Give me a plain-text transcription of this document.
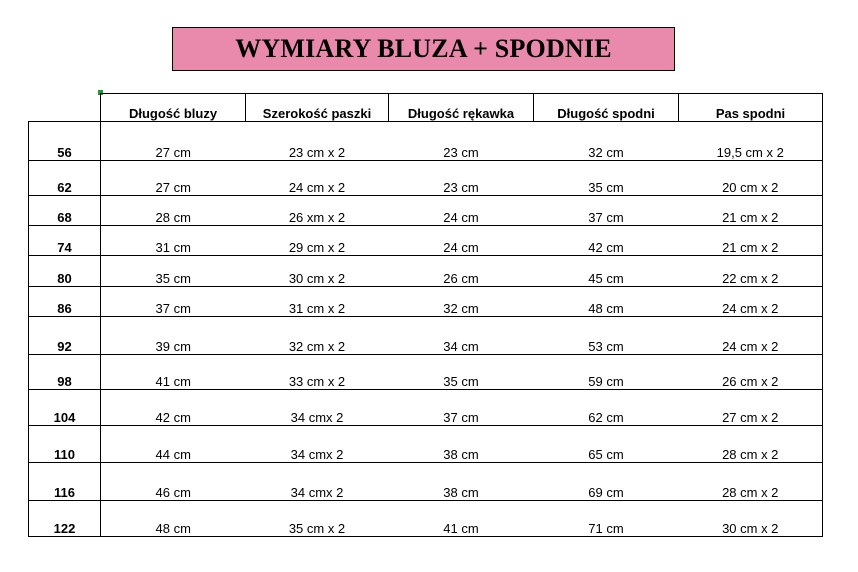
WYMIARY BLUZA + SPODNIE
	Długość bluzy	Szerokość paszki	Długość rękawka	Długość spodni	Pas spodni
56	27 cm	23 cm x 2	23 cm	32 cm	19,5 cm x 2
62	27 cm	24 cm x 2	23 cm	35 cm	20 cm x 2
68	28 cm	26 xm x 2	24 cm	37 cm	21 cm x 2
74	31 cm	29 cm x 2	24 cm	42 cm	21 cm x 2
80	35 cm	30 cm x 2	26 cm	45 cm	22 cm x 2
86	37 cm	31 cm x 2	32 cm	48 cm	24 cm x 2
92	39 cm	32 cm x 2	34 cm	53 cm	24 cm x 2
98	41 cm	33 cm x 2	35 cm	59 cm	26 cm x 2
104	42 cm	34 cmx 2	37 cm	62 cm	27 cm x 2
110	44 cm	34 cmx 2	38 cm	65 cm	28 cm x 2
116	46 cm	34 cmx 2	38 cm	69 cm	28 cm x 2
122	48 cm	35 cm x 2	41 cm	71 cm	30 cm x 2
